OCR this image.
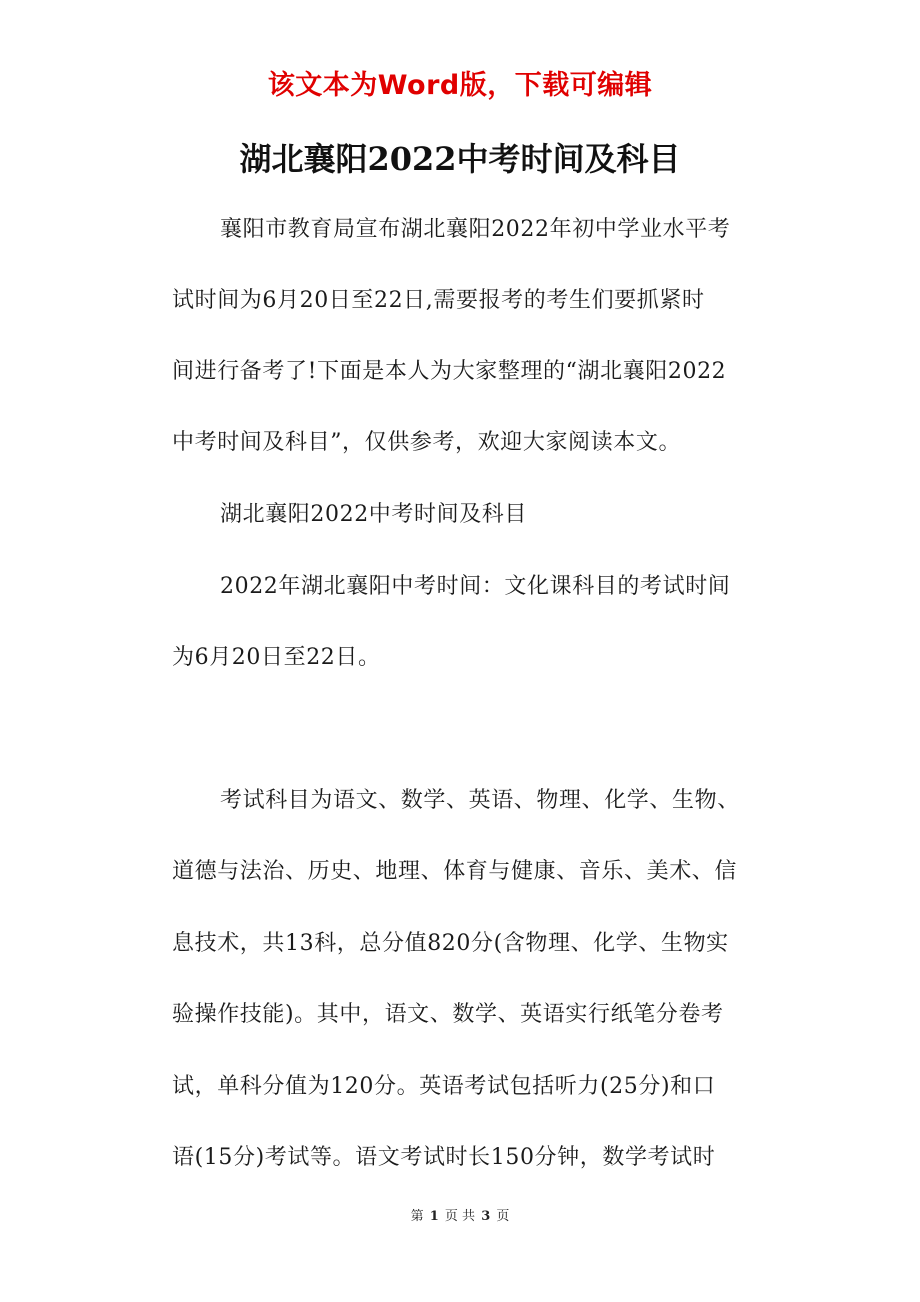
该文本为Word版，下载可编辑
湖北襄阳2022中考时间及科目
襄阳市教育局宣布湖北襄阳2022年初中学业水平考
试时间为6月20日至22日,需要报考的考生们要抓紧时
间进行备考了!下面是本人为大家整理的“湖北襄阳2022
中考时间及科目”，仅供参考，欢迎大家阅读本文。
湖北襄阳2022中考时间及科目
2022年湖北襄阳中考时间：文化课科目的考试时间
为6月20日至22日。
考试科目为语文、数学、英语、物理、化学、生物、
道德与法治、历史、地理、体育与健康、音乐、美术、信
息技术，共13科，总分值820分(含物理、化学、生物实
验操作技能)。其中，语文、数学、英语实行纸笔分卷考
试，单科分值为120分。英语考试包括听力(25分)和口
语(15分)考试等。语文考试时长150分钟，数学考试时
第 1 页 共 3 页
